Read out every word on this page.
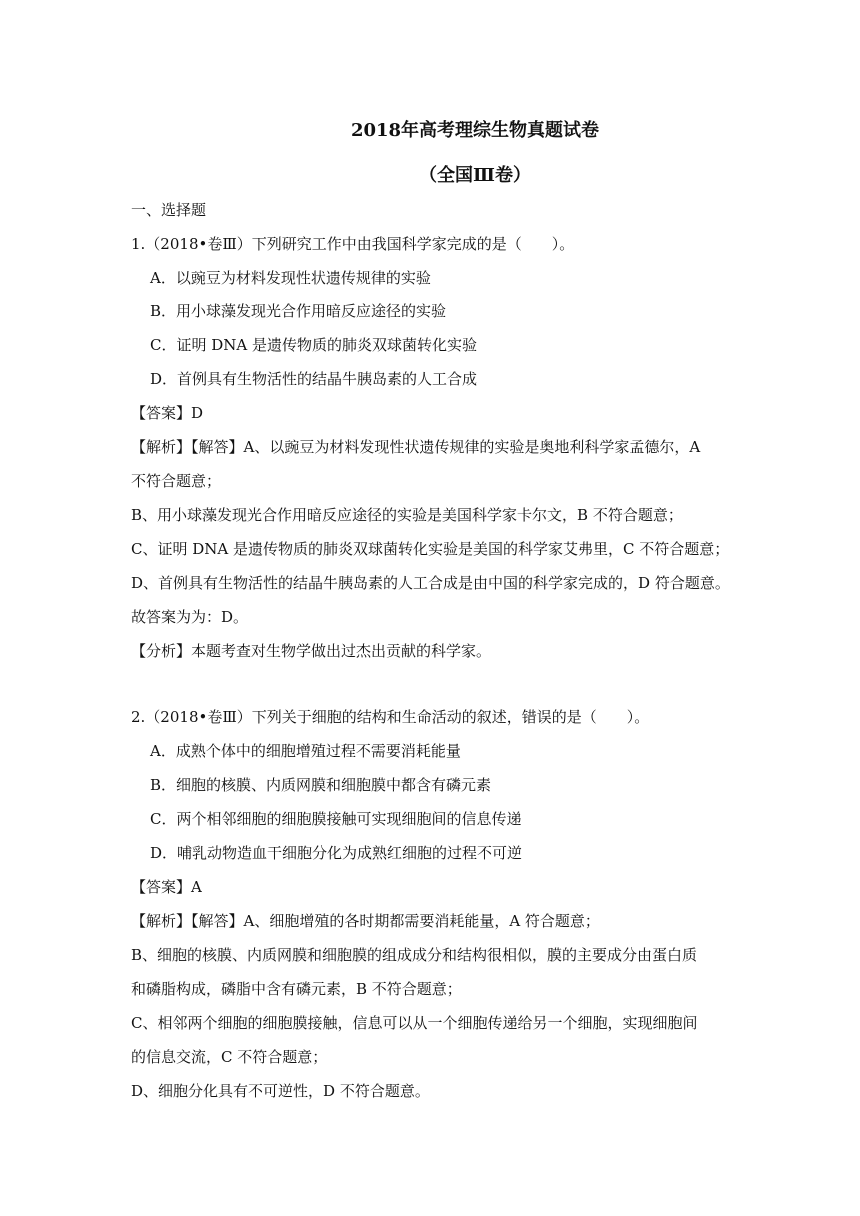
2018年高考理综生物真题试卷
（全国Ⅲ卷）
一、选择题
1.（2018•卷Ⅲ）下列研究工作中由我国科学家完成的是（　　）。
A．以豌豆为材料发现性状遗传规律的实验
B．用小球藻发现光合作用暗反应途径的实验
C．证明 DNA 是遗传物质的肺炎双球菌转化实验
D．首例具有生物活性的结晶牛胰岛素的人工合成
【答案】D
【解析】【解答】A、以豌豆为材料发现性状遗传规律的实验是奥地利科学家孟德尔，A
不符合题意；
B、用小球藻发现光合作用暗反应途径的实验是美国科学家卡尔文，B 不符合题意；
C、证明 DNA 是遗传物质的肺炎双球菌转化实验是美国的科学家艾弗里，C 不符合题意；
D、首例具有生物活性的结晶牛胰岛素的人工合成是由中国的科学家完成的，D 符合题意。
故答案为为：D。
【分析】本题考查对生物学做出过杰出贡献的科学家。
2.（2018•卷Ⅲ）下列关于细胞的结构和生命活动的叙述，错误的是（　　）。
A．成熟个体中的细胞增殖过程不需要消耗能量
B．细胞的核膜、内质网膜和细胞膜中都含有磷元素
C．两个相邻细胞的细胞膜接触可实现细胞间的信息传递
D．哺乳动物造血干细胞分化为成熟红细胞的过程不可逆
【答案】A
【解析】【解答】A、细胞增殖的各时期都需要消耗能量，A 符合题意；
B、细胞的核膜、内质网膜和细胞膜的组成成分和结构很相似，膜的主要成分由蛋白质
和磷脂构成，磷脂中含有磷元素，B 不符合题意；
C、相邻两个细胞的细胞膜接触，信息可以从一个细胞传递给另一个细胞，实现细胞间
的信息交流，C 不符合题意；
D、细胞分化具有不可逆性，D 不符合题意。
